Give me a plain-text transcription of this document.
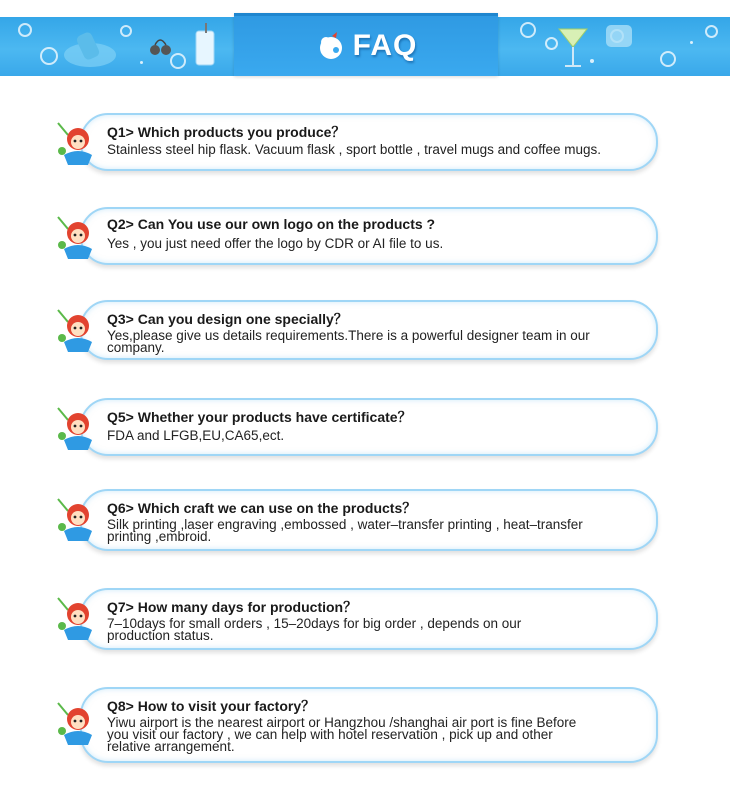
FAQ
Q1> Which products you produce？
Stainless steel hip flask. Vacuum flask , sport bottle , travel mugs and coffee mugs.
Q2> Can You use our own logo on the products ?
Yes , you just need offer the logo by CDR or AI file to us.
Q3> Can you design one specially？
Yes,please give us details requirements.There is a powerful designer team in our company.
Q5> Whether your products have certificate？
FDA and LFGB,EU,CA65,ect.
Q6> Which craft we can use on the products？
Silk printing ,laser engraving ,embossed , water–transfer printing , heat–transfer printing ,embroid.
Q7> How many days for production？
7–10days for small orders , 15–20days for big order , depends on our production status.
Q8> How to visit your factory？
Yiwu airport is the nearest airport or Hangzhou /shanghai air port is fine Before you visit our factory , we can help with hotel reservation , pick up and other relative arrangement.
